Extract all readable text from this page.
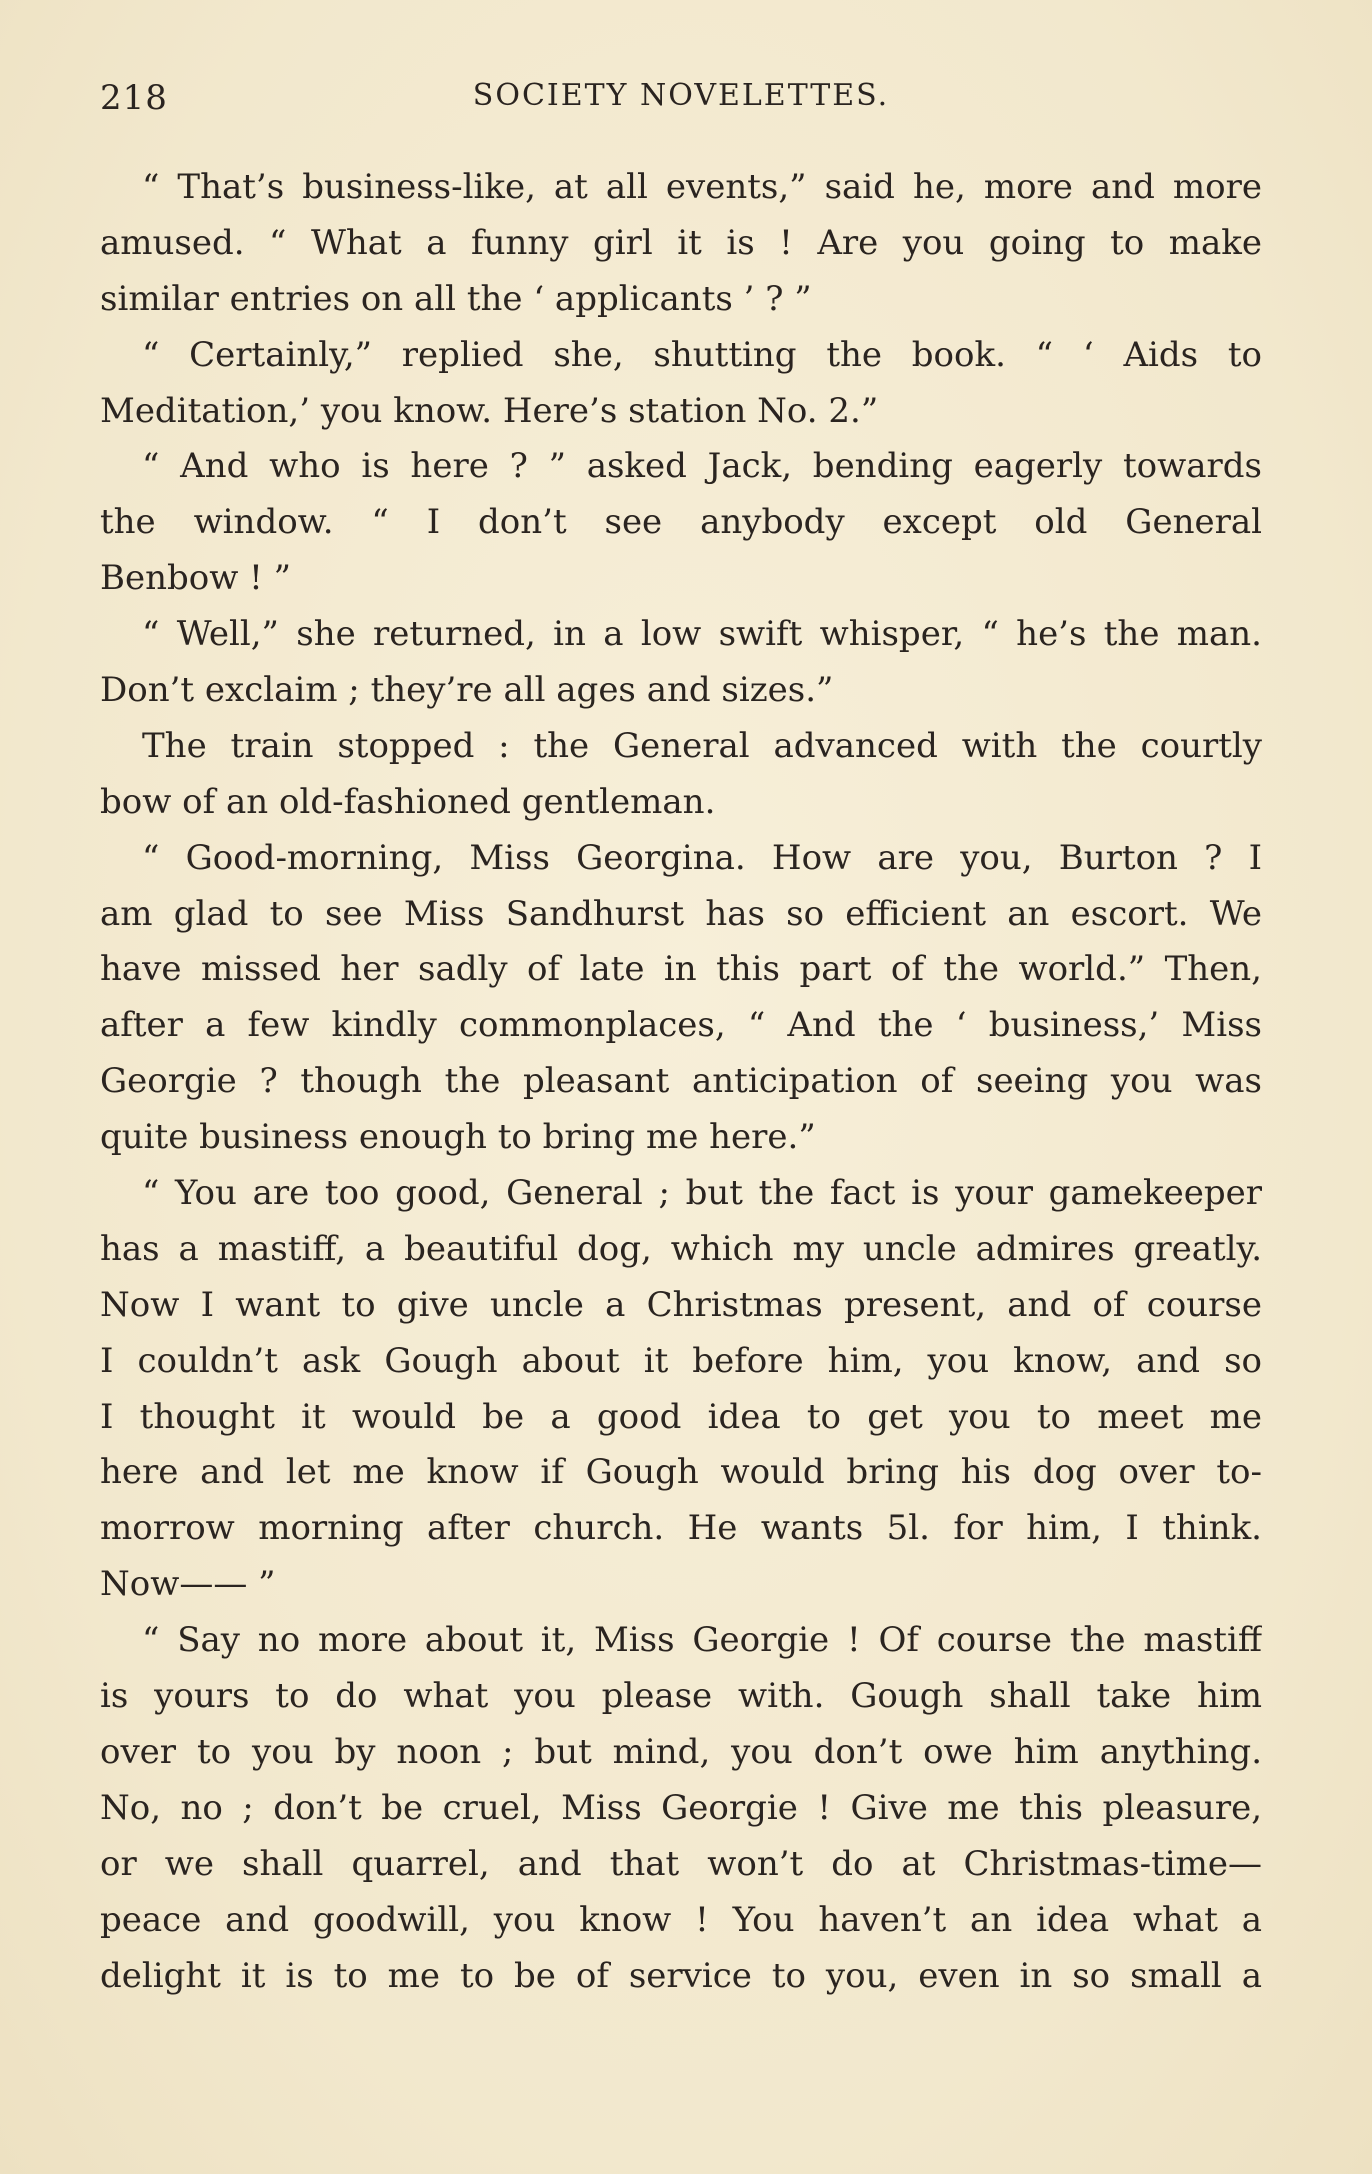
218	SOCIETY NOVELETTES.
“ That’s business-like, at all events,” said he, more and more
amused. “ What a funny girl it is ! Are you going to make
similar entries on all the ‘ applicants ’ ? ”
“ Certainly,” replied she, shutting the book. “ ‘ Aids to
Meditation,’ you know. Here’s station No. 2.”
“ And who is here ? ” asked Jack, bending eagerly towards
the window. “ I don’t see anybody except old General
Benbow ! ”
“ Well,” she returned, in a low swift whisper, “ he’s the man.
Don’t exclaim ; they’re all ages and sizes.”
The train stopped : the General advanced with the courtly
bow of an old-fashioned gentleman.
“ Good-morning, Miss Georgina. How are you, Burton ? I
am glad to see Miss Sandhurst has so efficient an escort. We
have missed her sadly of late in this part of the world.” Then,
after a few kindly commonplaces, “ And the ‘ business,’ Miss
Georgie ? though the pleasant anticipation of seeing you was
quite business enough to bring me here.”
“ You are too good, General ; but the fact is your gamekeeper
has a mastiff, a beautiful dog, which my uncle admires greatly.
Now I want to give uncle a Christmas present, and of course
I couldn’t ask Gough about it before him, you know, and so
I thought it would be a good idea to get you to meet me
here and let me know if Gough would bring his dog over to-
morrow morning after church. He wants 5l. for him, I think.
Now—— ”
“ Say no more about it, Miss Georgie ! Of course the mastiff
is yours to do what you please with. Gough shall take him
over to you by noon ; but mind, you don’t owe him anything.
No, no ; don’t be cruel, Miss Georgie ! Give me this pleasure,
or we shall quarrel, and that won’t do at Christmas-time—
peace and goodwill, you know ! You haven’t an idea what a
delight it is to me to be of service to you, even in so small a
